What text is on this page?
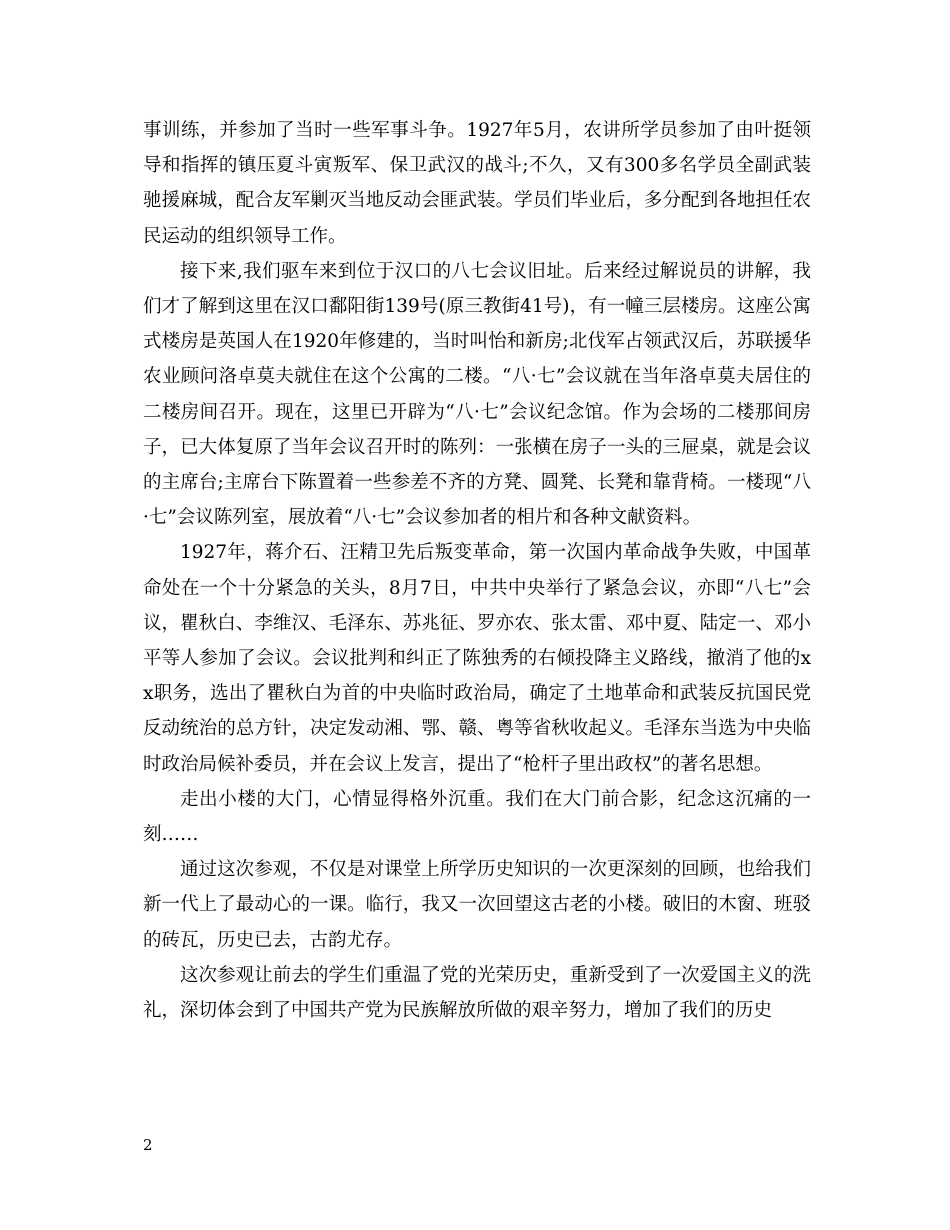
事训练，并参加了当时一些军事斗争。1927年5月，农讲所学员参加了由叶挺领导和指挥的镇压夏斗寅叛军、保卫武汉的战斗;不久，又有300多名学员全副武装驰援麻城，配合友军剿灭当地反动会匪武装。学员们毕业后，多分配到各地担任农民运动的组织领导工作。

接下来,我们驱车来到位于汉口的八七会议旧址。后来经过解说员的讲解，我们才了解到这里在汉口鄱阳街139号(原三教街41号)，有一幢三层楼房。这座公寓式楼房是英国人在1920年修建的，当时叫怡和新房;北伐军占领武汉后，苏联援华农业顾问洛卓莫夫就住在这个公寓的二楼。“八·七”会议就在当年洛卓莫夫居住的二楼房间召开。现在，这里已开辟为“八·七”会议纪念馆。作为会场的二楼那间房子，已大体复原了当年会议召开时的陈列：一张横在房子一头的三屉桌，就是会议的主席台;主席台下陈置着一些参差不齐的方凳、圆凳、长凳和靠背椅。一楼现“八·七”会议陈列室，展放着“八·七”会议参加者的相片和各种文献资料。

1927年，蒋介石、汪精卫先后叛变革命，第一次国内革命战争失败，中国革命处在一个十分紧急的关头，8月7日，中共中央举行了紧急会议，亦即“八七”会议，瞿秋白、李维汉、毛泽东、苏兆征、罗亦农、张太雷、邓中夏、陆定一、邓小平等人参加了会议。会议批判和纠正了陈独秀的右倾投降主义路线，撤消了他的xx职务，选出了瞿秋白为首的中央临时政治局，确定了土地革命和武装反抗国民党反动统治的总方针，决定发动湘、鄂、赣、粤等省秋收起义。毛泽东当选为中央临时政治局候补委员，并在会议上发言，提出了“枪杆子里出政权”的著名思想。

走出小楼的大门，心情显得格外沉重。我们在大门前合影，纪念这沉痛的一刻……

通过这次参观，不仅是对课堂上所学历史知识的一次更深刻的回顾，也给我们新一代上了最动心的一课。临行，我又一次回望这古老的小楼。破旧的木窗、班驳的砖瓦，历史已去，古韵尤存。

这次参观让前去的学生们重温了党的光荣历史，重新受到了一次爱国主义的洗礼，深切体会到了中国共产党为民族解放所做的艰辛努力，增加了我们的历史

2
